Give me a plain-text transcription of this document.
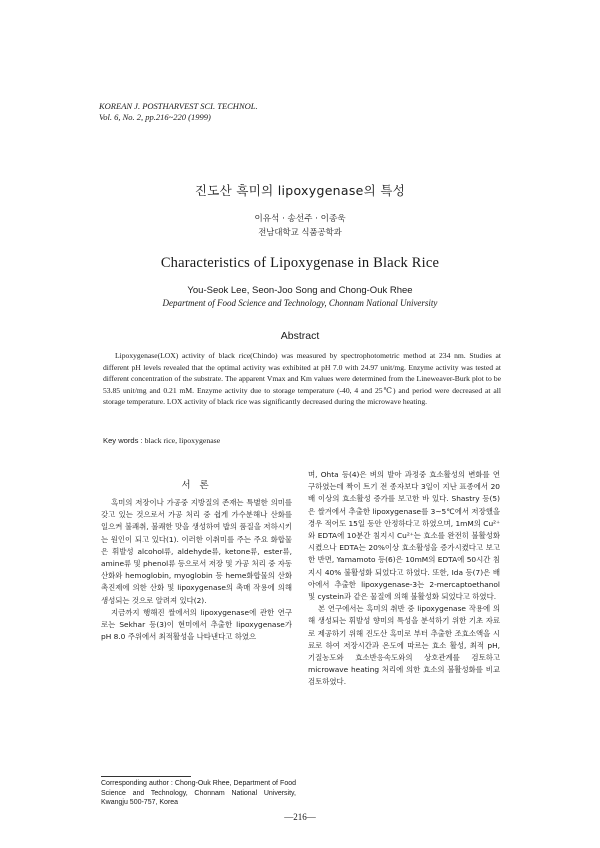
KOREAN J. POSTHARVEST SCI. TECHNOL.
Vol. 6, No. 2, pp.216~220 (1999)
진도산 흑미의 lipoxygenase의 특성
이유석 · 송선주 · 이종욱
전남대학교 식품공학과
Characteristics of Lipoxygenase in Black Rice
You-Seok Lee, Seon-Joo Song and Chong-Ouk Rhee
Department of Food Science and Technology, Chonnam National University
Abstract
Lipoxygenase(LOX) activity of black rice(Chindo) was measured by spectrophotometric method at 234 nm. Studies at different pH levels revealed that the optimal activity was exhibited at pH 7.0 with 24.97 unit/mg. Enzyme activity was tested at different concentration of the substrate. The apparent Vmax and Km values were determined from the Lineweaver-Burk plot to be 53.85 unit/mg and 0.21 mM. Enzyme activity due to storage temperature (-40, 4 and 25℃) and period were decreased at all storage temperature. LOX activity of black rice was significantly decreased during the microwave heating.
Key words : black rice, lipoxygenase
서 론

흑미의 저장이나 가공중 지방질의 존재는 특별한 의미를 갖고 있는 것으로서 가공 처리 중 쉽게 가수분해나 산화를 일으켜 불쾌취, 불쾌한 맛을 생성하여 밥의 품질을 저하시키는 원인이 되고 있다(1). 이러한 이취미를 주는 주요 화합물은 휘발성 alcohol류, aldehyde류, ketone류, ester류, amine류 및 phenol류 등으로서 저장 및 가공 처리 중 자동산화와 hemoglobin, myoglobin 등 heme화합물의 산화촉진제에 의한 산화 및 lipoxygenase의 촉매 작용에 의해 생성되는 것으로 알려져 있다(2).

지금까지 행해진 쌀에서의 lipoxygenase에 관한 연구로는 Sekhar 등(3)이 현미에서 추출한 lipoxygenase가 pH 8.0 주위에서 최적활성을 나타낸다고 하였으

며, Ohta 등(4)은 벼의 발아 과정중 효소활성의 변화를 연구하였는데 짝이 트기 전 종자보다 3일이 지난 표종에서 20배 이상의 효소활성 증가를 보고한 바 있다. Shastry 등(5)은 쌀겨에서 추출한 lipoxygenase를 3~5℃에서 저장했을 경우 적어도 15일 동안 안정하다고 하였으며, 1mM의 Cu²⁺와 EDTA에 10분간 침지시 Cu²⁺는 효소를 완전히 불활성화 시켰으나 EDTA는 20%이상 효소활성을 증가시켰다고 보고한 반면, Yamamoto 등(6)은 10mM의 EDTA에 50시간 침지시 40% 불활성화 되었다고 하였다. 또한, Ida 등(7)은 배아에서 추출한 lipoxygenase-3는 2-mercaptoethanol 및 cystein과 같은 물질에 의해 불활성화 되었다고 하였다.

본 연구에서는 흑미의 취반 중 lipoxygenase 작용에 의해 생성되는 휘발성 향미의 특성을 분석하기 위한 기초 자료로 제공하기 위해 진도산 흑미로 부터 추출한 조효소액을 시료로 하여 저장시간과 온도에 따르는 효소 활성, 최적 pH, 기질농도와 효소반응속도와의 상호관계를 검토하고 microwave heating 처리에 의한 효소의 불활성화를 비교 검토하였다.

Corresponding author : Chong-Ouk Rhee, Department of Food Science and Technology, Chonnam National University, Kwangju 500-757, Korea
—216—
